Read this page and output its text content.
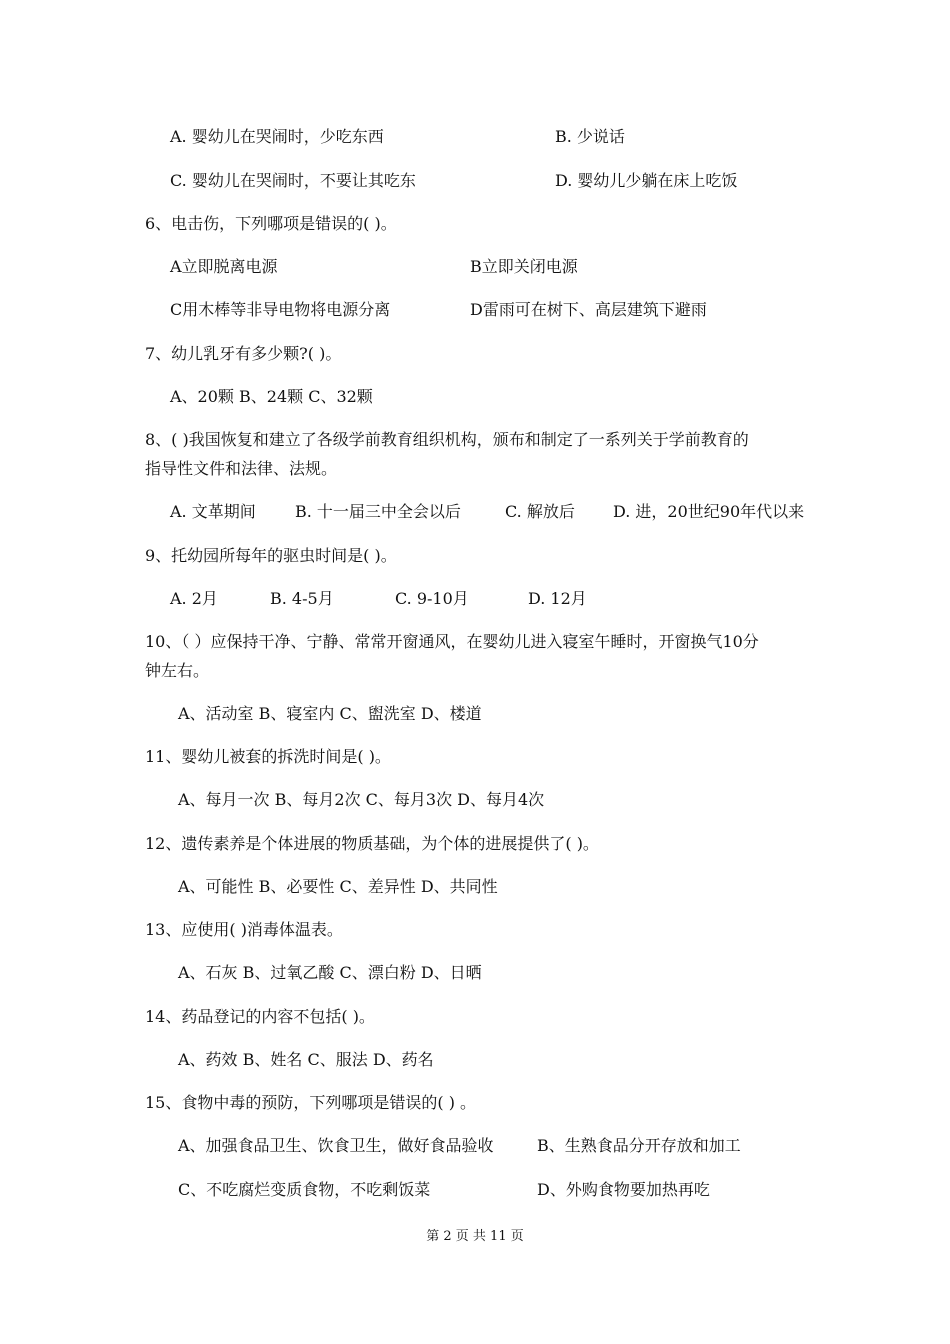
A. 婴幼儿在哭闹时，少吃东西	B. 少说话
C. 婴幼儿在哭闹时，不要让其吃东	D. 婴幼儿少躺在床上吃饭
6、电击伤，下列哪项是错误的( )。
A立即脱离电源	B立即关闭电源
C用木棒等非导电物将电源分离	D雷雨可在树下、高层建筑下避雨
7、幼儿乳牙有多少颗?( )。
A、20颗 B、24颗 C、32颗
8、( )我国恢复和建立了各级学前教育组织机构，颁布和制定了一系列关于学前教育的
指导性文件和法律、法规。
A. 文革期间 B. 十一届三中全会以后	C. 解放后 D. 进，20世纪90年代以来
9、托幼园所每年的驱虫时间是( )。
A. 2月	B. 4-5月	C. 9-10月	D. 12月
10、（ ）应保持干净、宁静、常常开窗通风，在婴幼儿进入寝室午睡时，开窗换气10分
钟左右。
A、活动室 B、寝室内 C、盥洗室 D、楼道
11、婴幼儿被套的拆洗时间是( )。
A、每月一次 B、每月2次 C、每月3次 D、每月4次
12、遗传素养是个体进展的物质基础，为个体的进展提供了( )。
A、可能性 B、必要性 C、差异性 D、共同性
13、应使用( )消毒体温表。
A、石灰 B、过氧乙酸 C、漂白粉 D、日晒
14、药品登记的内容不包括( )。
A、药效 B、姓名 C、服法 D、药名
15、食物中毒的预防，下列哪项是错误的( ) 。
A、加强食品卫生、饮食卫生，做好食品验收	B、生熟食品分开存放和加工
C、不吃腐烂变质食物，不吃剩饭菜	D、外购食物要加热再吃
第 2 页 共 11 页
